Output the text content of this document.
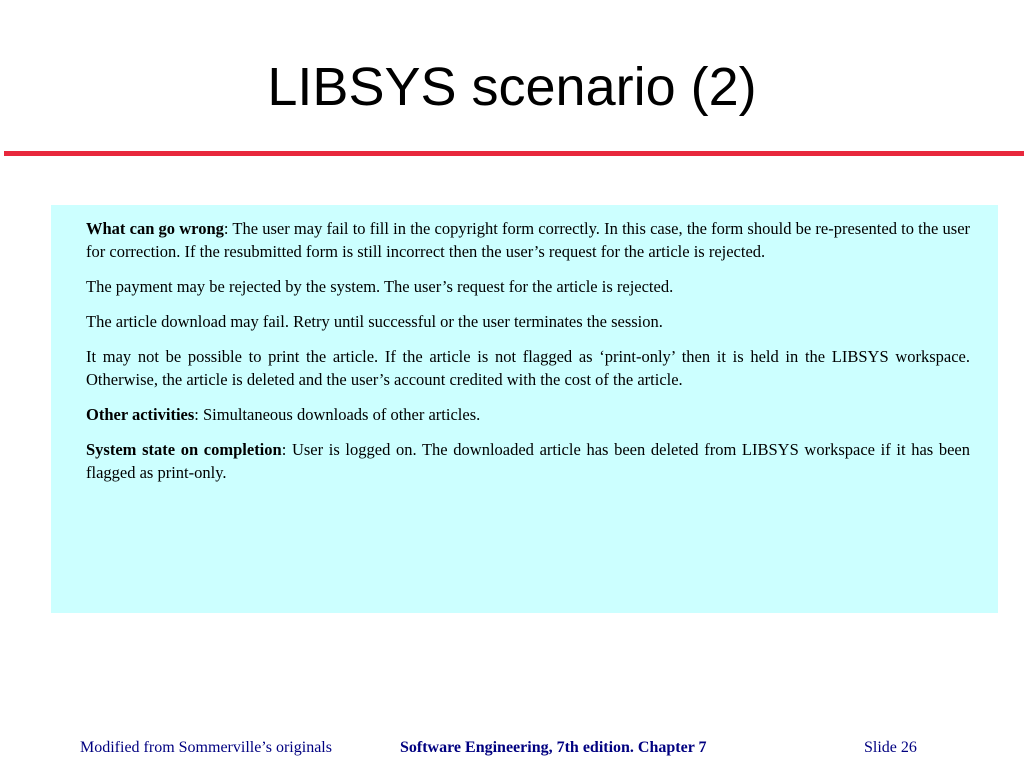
LIBSYS scenario (2)

What can go wrong: The user may fail to fill in the copyright form correctly. In this case, the form should be re-presented to the user for correction. If the resubmitted form is still incorrect then the user’s request for the article is rejected.

The payment may be rejected by the system. The user’s request for the article is rejected.

The article download may fail. Retry until successful or the user terminates the session.

It may not be possible to print the article. If the article is not flagged as ‘print-only’ then it is held in the LIBSYS workspace. Otherwise, the article is deleted and the user’s account credited with the cost of the article.

Other activities: Simultaneous downloads of other articles.

System state on completion: User is logged on. The downloaded article has been deleted from LIBSYS workspace if it has been flagged as print-only.

Modified from Sommerville’s originals	Software Engineering, 7th edition. Chapter 7	Slide 26
